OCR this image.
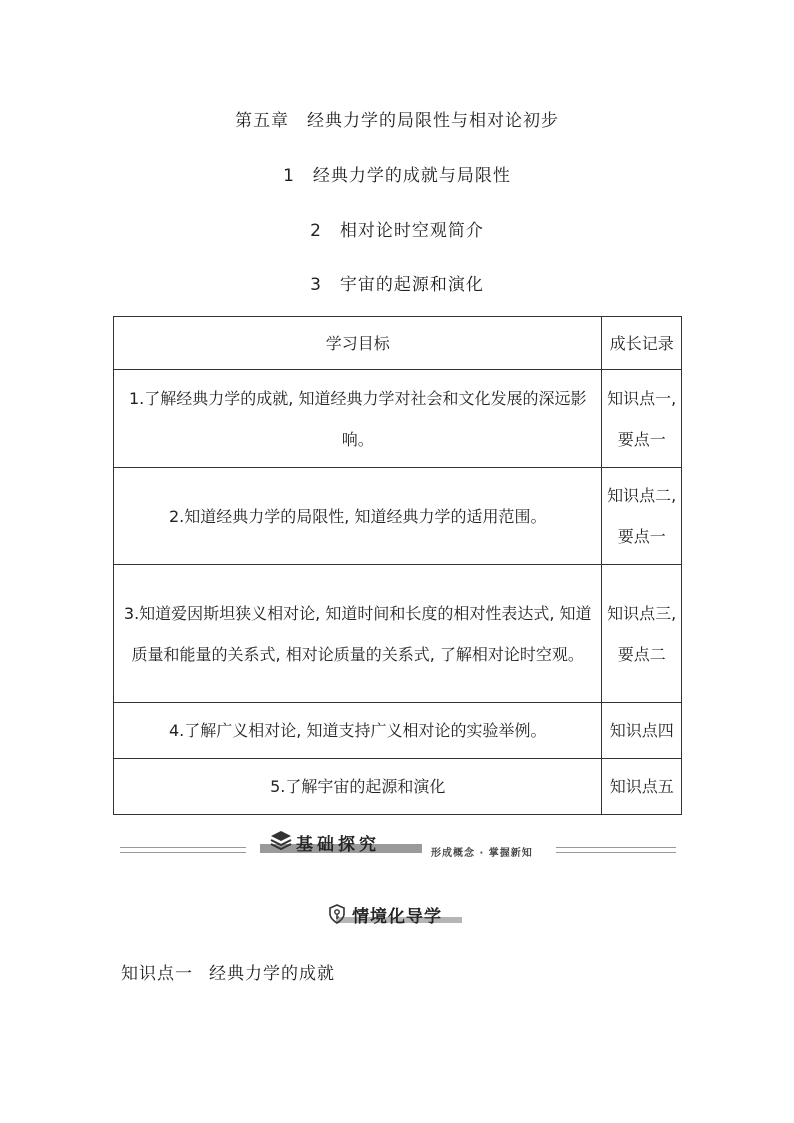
第五章 经典力学的局限性与相对论初步
1 经典力学的成就与局限性
2 相对论时空观简介
3 宇宙的起源和演化
学习目标	成长记录
1.了解经典力学的成就, 知道经典力学对社会和文化发展的深远影响。	知识点一,要点一
2.知道经典力学的局限性, 知道经典力学的适用范围。	知识点二,要点一
3.知道爱因斯坦狭义相对论, 知道时间和长度的相对性表达式, 知道质量和能量的关系式, 相对论质量的关系式, 了解相对论时空观。	知识点三,要点二
4.了解广义相对论, 知道支持广义相对论的实验举例。	知识点四
5.了解宇宙的起源和演化	知识点五
基础探究	形成概念 · 掌握新知
情境化导学
知识点一 经典力学的成就
